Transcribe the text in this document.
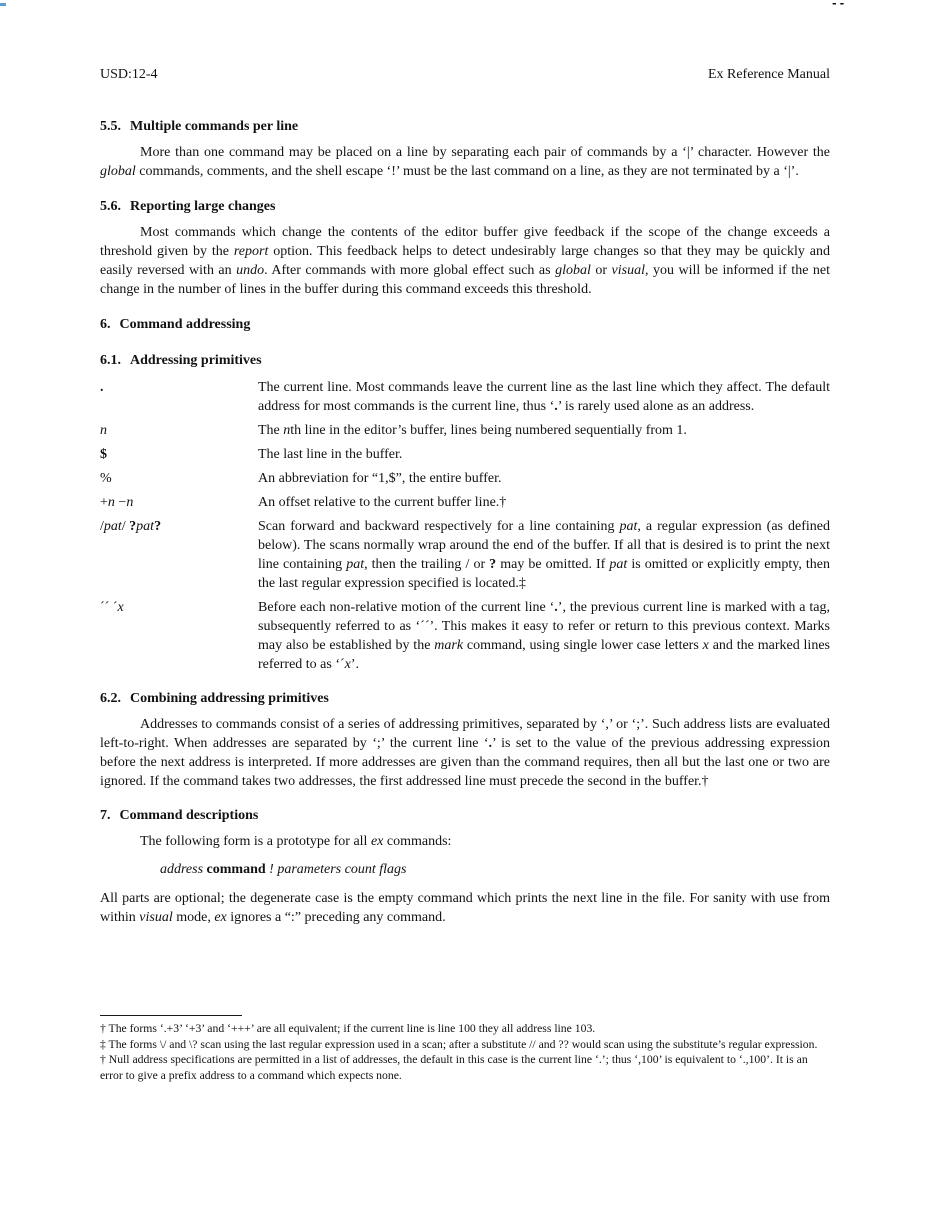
--
USD:12-4	Ex Reference Manual
5.5. Multiple commands per line

More than one command may be placed on a line by separating each pair of commands by a ‘|’ character. However the global commands, comments, and the shell escape ‘!’ must be the last command on a line, as they are not terminated by a ‘|’.

5.6. Reporting large changes

Most commands which change the contents of the editor buffer give feedback if the scope of the change exceeds a threshold given by the report option. This feedback helps to detect undesirably large changes so that they may be quickly and easily reversed with an undo. After commands with more global effect such as global or visual, you will be informed if the net change in the number of lines in the buffer during this command exceeds this threshold.

6. Command addressing
6.1. Addressing primitives
.	The current line. Most commands leave the current line as the last line which they affect. The default address for most commands is the current line, thus ‘.’ is rarely used alone as an address.
n	The nth line in the editor’s buffer, lines being numbered sequentially from 1.
$	The last line in the buffer.
%	An abbreviation for “1,$”, the entire buffer.
+n −n	An offset relative to the current buffer line.†
/pat/ ?pat?	Scan forward and backward respectively for a line containing pat, a regular expression (as defined below). The scans normally wrap around the end of the buffer. If all that is desired is to print the next line containing pat, then the trailing / or ? may be omitted. If pat is omitted or explicitly empty, then the last regular expression specified is located.‡
´´ ´x	Before each non-relative motion of the current line ‘.’, the previous current line is marked with a tag, subsequently referred to as ‘´´’. This makes it easy to refer or return to this previous context. Marks may also be established by the mark command, using single lower case letters x and the marked lines referred to as ‘´x’.
6.2. Combining addressing primitives

Addresses to commands consist of a series of addressing primitives, separated by ‘,’ or ‘;’. Such address lists are evaluated left-to-right. When addresses are separated by ‘;’ the current line ‘.’ is set to the value of the previous addressing expression before the next address is interpreted. If more addresses are given than the command requires, then all but the last one or two are ignored. If the command takes two addresses, the first addressed line must precede the second in the buffer.†

7. Command descriptions

The following form is a prototype for all ex commands:

address command ! parameters count flags

All parts are optional; the degenerate case is the empty command which prints the next line in the file. For sanity with use from within visual mode, ex ignores a “:” preceding any command.

† The forms ‘.+3’ ‘+3’ and ‘+++’ are all equivalent; if the current line is line 100 they all address line 103.

‡ The forms \/ and \? scan using the last regular expression used in a scan; after a substitute // and ?? would scan using the substitute’s regular expression.

† Null address specifications are permitted in a list of addresses, the default in this case is the current line ‘.’; thus ‘,100’ is equivalent to ‘.,100’. It is an error to give a prefix address to a command which expects none.
